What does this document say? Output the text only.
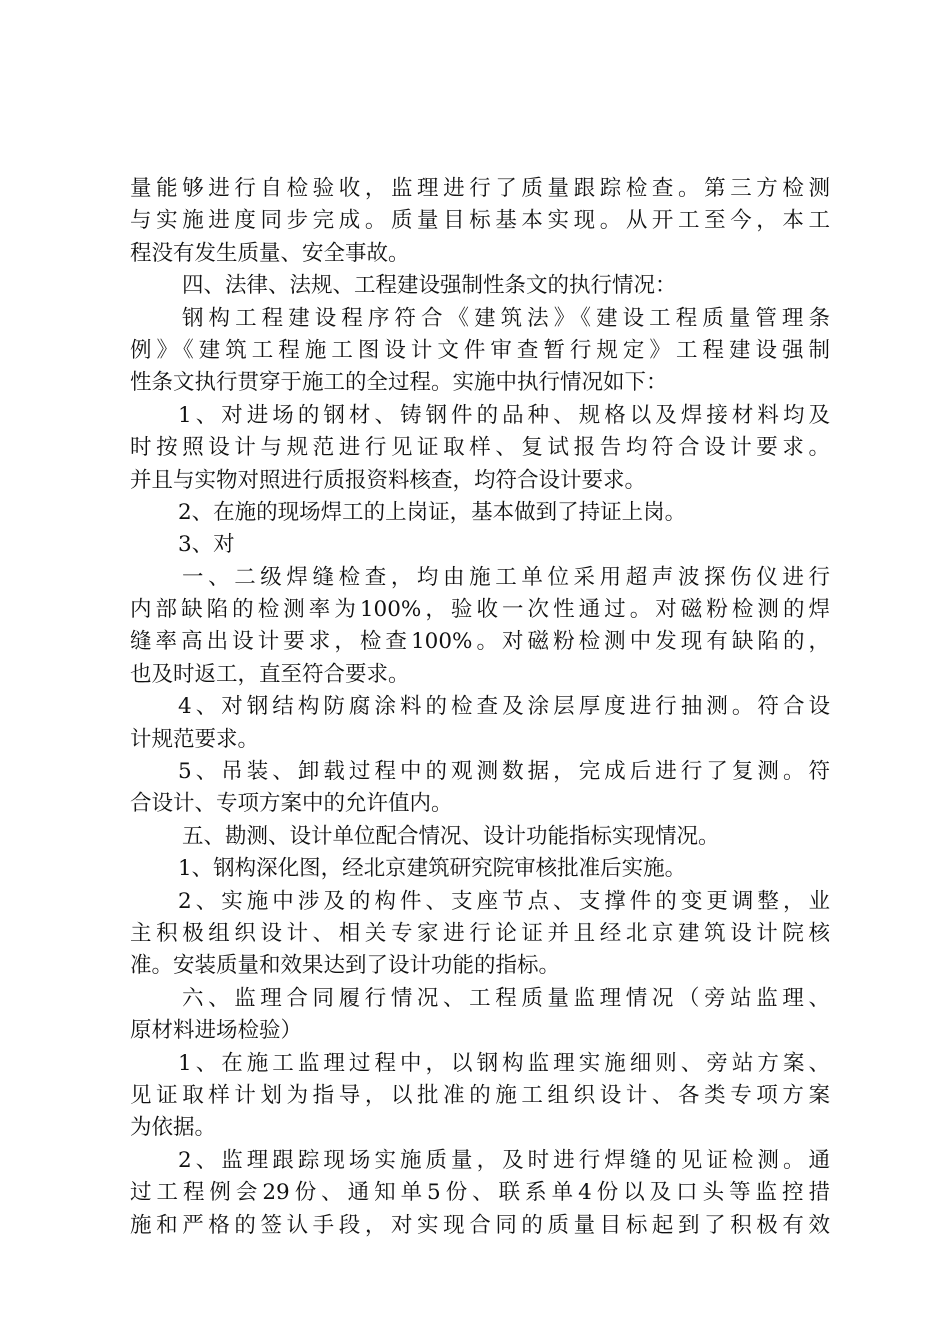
量能够进行自检验收，监理进行了质量跟踪检查。第三方检测
与实施进度同步完成。质量目标基本实现。从开工至今，本工
程没有发生质量、安全事故。
四、法律、法规、工程建设强制性条文的执行情况：
钢构工程建设程序符合《建筑法》《建设工程质量管理条
例》《建筑工程施工图设计文件审查暂行规定》工程建设强制
性条文执行贯穿于施工的全过程。实施中执行情况如下：
1、对进场的钢材、铸钢件的品种、规格以及焊接材料均及
时按照设计与规范进行见证取样、复试报告均符合设计要求。
并且与实物对照进行质报资料核查，均符合设计要求。
2、在施的现场焊工的上岗证，基本做到了持证上岗。
3、对
一、二级焊缝检查，均由施工单位采用超声波探伤仪进行
内部缺陷的检测率为100%，验收一次性通过。对磁粉检测的焊
缝率高出设计要求，检查100%。对磁粉检测中发现有缺陷的，
也及时返工，直至符合要求。
4、对钢结构防腐涂料的检查及涂层厚度进行抽测。符合设
计规范要求。
5、吊装、卸载过程中的观测数据，完成后进行了复测。符
合设计、专项方案中的允许值内。
五、勘测、设计单位配合情况、设计功能指标实现情况。
1、钢构深化图，经北京建筑研究院审核批准后实施。
2、实施中涉及的构件、支座节点、支撑件的变更调整，业
主积极组织设计、相关专家进行论证并且经北京建筑设计院核
准。安装质量和效果达到了设计功能的指标。
六、监理合同履行情况、工程质量监理情况（旁站监理、
原材料进场检验）
1、在施工监理过程中，以钢构监理实施细则、旁站方案、
见证取样计划为指导，以批准的施工组织设计、各类专项方案
为依据。
2、监理跟踪现场实施质量，及时进行焊缝的见证检测。通
过工程例会29份、通知单5份、联系单4份以及口头等监控措
施和严格的签认手段，对实现合同的质量目标起到了积极有效
